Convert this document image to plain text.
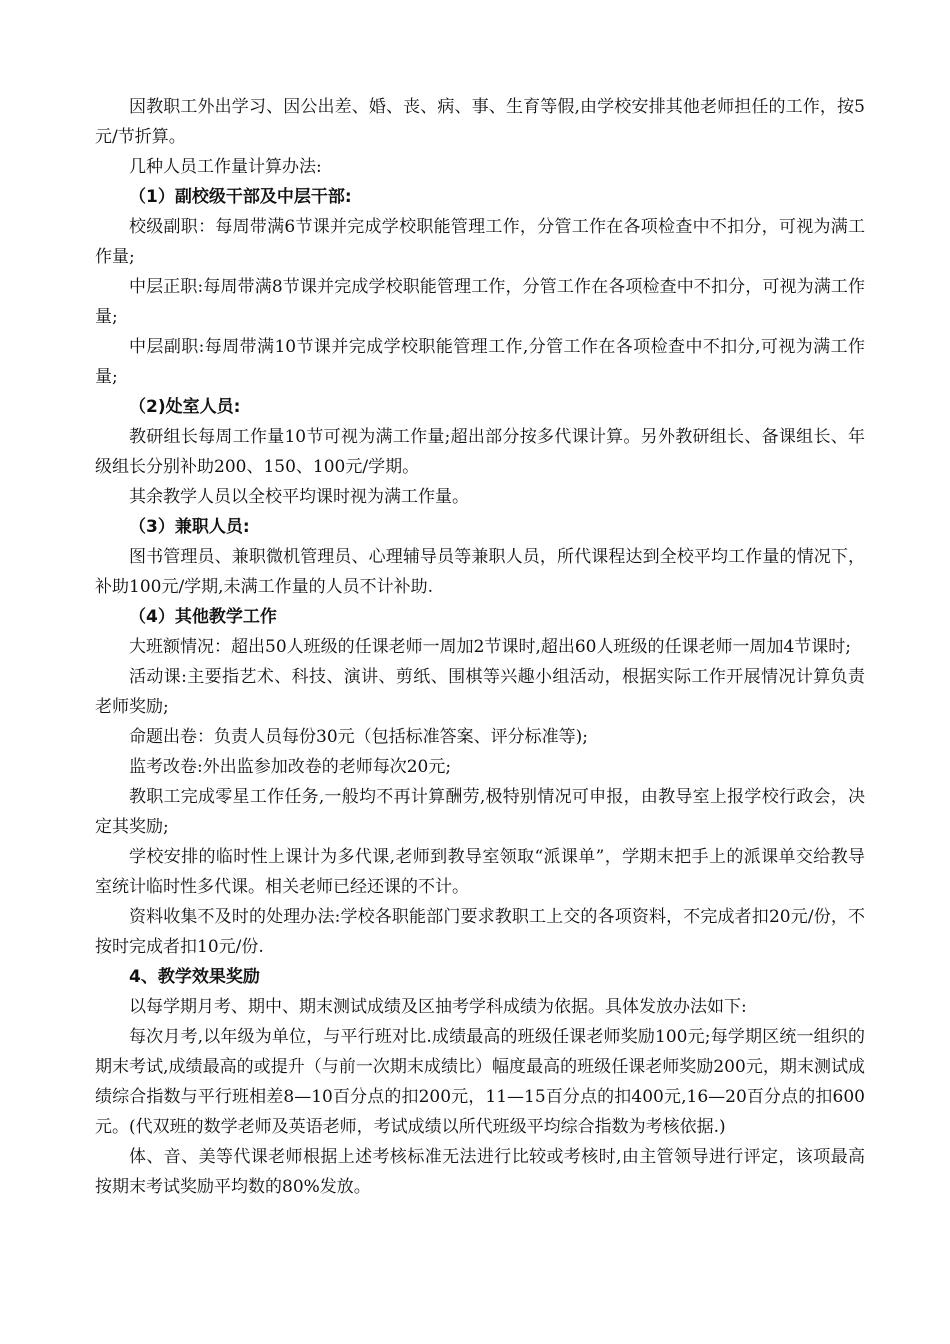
因教职工外出学习、因公出差、婚、丧、病、事、生育等假,由学校安排其他老师担任的工作，按5元/节折算。

几种人员工作量计算办法:

（1）副校级干部及中层干部:

校级副职：每周带满6节课并完成学校职能管理工作，分管工作在各项检查中不扣分，可视为满工作量;

中层正职:每周带满8节课并完成学校职能管理工作，分管工作在各项检查中不扣分，可视为满工作量;

中层副职:每周带满10节课并完成学校职能管理工作,分管工作在各项检查中不扣分,可视为满工作量;

（2)处室人员:

教研组长每周工作量10节可视为满工作量;超出部分按多代课计算。另外教研组长、备课组长、年级组长分别补助200、150、100元/学期。

其余教学人员以全校平均课时视为满工作量。

（3）兼职人员:

图书管理员、兼职微机管理员、心理辅导员等兼职人员，所代课程达到全校平均工作量的情况下，补助100元/学期,未满工作量的人员不计补助.

（4）其他教学工作

大班额情况：超出50人班级的任课老师一周加2节课时,超出60人班级的任课老师一周加4节课时;

活动课:主要指艺术、科技、演讲、剪纸、围棋等兴趣小组活动，根据实际工作开展情况计算负责老师奖励;

命题出卷：负责人员每份30元（包括标准答案、评分标准等);

监考改卷:外出监参加改卷的老师每次20元;

教职工完成零星工作任务,一般均不再计算酬劳,极特别情况可申报，由教导室上报学校行政会，决定其奖励;

学校安排的临时性上课计为多代课,老师到教导室领取“派课单”，学期末把手上的派课单交给教导室统计临时性多代课。相关老师已经还课的不计。

资料收集不及时的处理办法:学校各职能部门要求教职工上交的各项资料，不完成者扣20元/份，不按时完成者扣10元/份.

4、教学效果奖励

以每学期月考、期中、期末测试成绩及区抽考学科成绩为依据。具体发放办法如下:

每次月考,以年级为单位，与平行班对比.成绩最高的班级任课老师奖励100元;每学期区统一组织的期末考试,成绩最高的或提升（与前一次期末成绩比）幅度最高的班级任课老师奖励200元，期末测试成绩综合指数与平行班相差8—10百分点的扣200元，11—15百分点的扣400元,16—20百分点的扣600元。(代双班的数学老师及英语老师，考试成绩以所代班级平均综合指数为考核依据.)

体、音、美等代课老师根据上述考核标准无法进行比较或考核时,由主管领导进行评定，该项最高按期末考试奖励平均数的80%发放。
